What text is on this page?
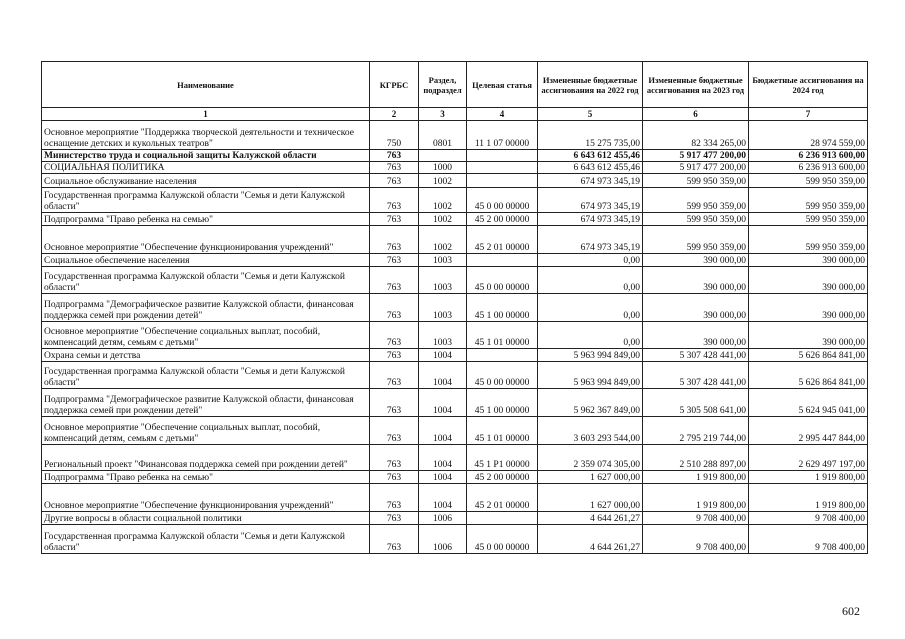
Наименование	КГРБС	Раздел, подраздел	Целевая статья	Измененные бюджетные ассигнования на 2022 год	Измененные бюджетные ассигнования на 2023 год	Бюджетные ассигнования на 2024 год
1	2	3	4	5	6	7
Основное мероприятие "Поддержка творческой деятельности и техническое оснащение детских и кукольных театров"	750	0801	11 1 07 00000	15 275 735,00	82 334 265,00	28 974 559,00
Министерство труда и социальной защиты Калужской области	763			6 643 612 455,46	5 917 477 200,00	6 236 913 600,00
СОЦИАЛЬНАЯ ПОЛИТИКА	763	1000		6 643 612 455,46	5 917 477 200,00	6 236 913 600,00
Социальное обслуживание населения	763	1002		674 973 345,19	599 950 359,00	599 950 359,00
Государственная программа Калужской области "Семья и дети Калужской области"	763	1002	45 0 00 00000	674 973 345,19	599 950 359,00	599 950 359,00
Подпрограмма "Право ребенка на семью"	763	1002	45 2 00 00000	674 973 345,19	599 950 359,00	599 950 359,00
Основное мероприятие "Обеспечение функционирования учреждений"	763	1002	45 2 01 00000	674 973 345,19	599 950 359,00	599 950 359,00
Социальное обеспечение населения	763	1003		0,00	390 000,00	390 000,00
Государственная программа Калужской области "Семья и дети Калужской области"	763	1003	45 0 00 00000	0,00	390 000,00	390 000,00
Подпрограмма "Демографическое развитие Калужской области, финансовая поддержка семей при рождении детей"	763	1003	45 1 00 00000	0,00	390 000,00	390 000,00
Основное мероприятие "Обеспечение социальных выплат, пособий, компенсаций детям, семьям с детьми"	763	1003	45 1 01 00000	0,00	390 000,00	390 000,00
Охрана семьи и детства	763	1004		5 963 994 849,00	5 307 428 441,00	5 626 864 841,00
Государственная программа Калужской области "Семья и дети Калужской области"	763	1004	45 0 00 00000	5 963 994 849,00	5 307 428 441,00	5 626 864 841,00
Подпрограмма "Демографическое развитие Калужской области, финансовая поддержка семей при рождении детей"	763	1004	45 1 00 00000	5 962 367 849,00	5 305 508 641,00	5 624 945 041,00
Основное мероприятие "Обеспечение социальных выплат, пособий, компенсаций детям, семьям с детьми"	763	1004	45 1 01 00000	3 603 293 544,00	2 795 219 744,00	2 995 447 844,00
Региональный проект "Финансовая поддержка семей при рождении детей"	763	1004	45 1 P1 00000	2 359 074 305,00	2 510 288 897,00	2 629 497 197,00
Подпрограмма "Право ребенка на семью"	763	1004	45 2 00 00000	1 627 000,00	1 919 800,00	1 919 800,00
Основное мероприятие "Обеспечение функционирования учреждений"	763	1004	45 2 01 00000	1 627 000,00	1 919 800,00	1 919 800,00
Другие вопросы в области социальной политики	763	1006		4 644 261,27	9 708 400,00	9 708 400,00
Государственная программа Калужской области "Семья и дети Калужской области"	763	1006	45 0 00 00000	4 644 261,27	9 708 400,00	9 708 400,00
602
